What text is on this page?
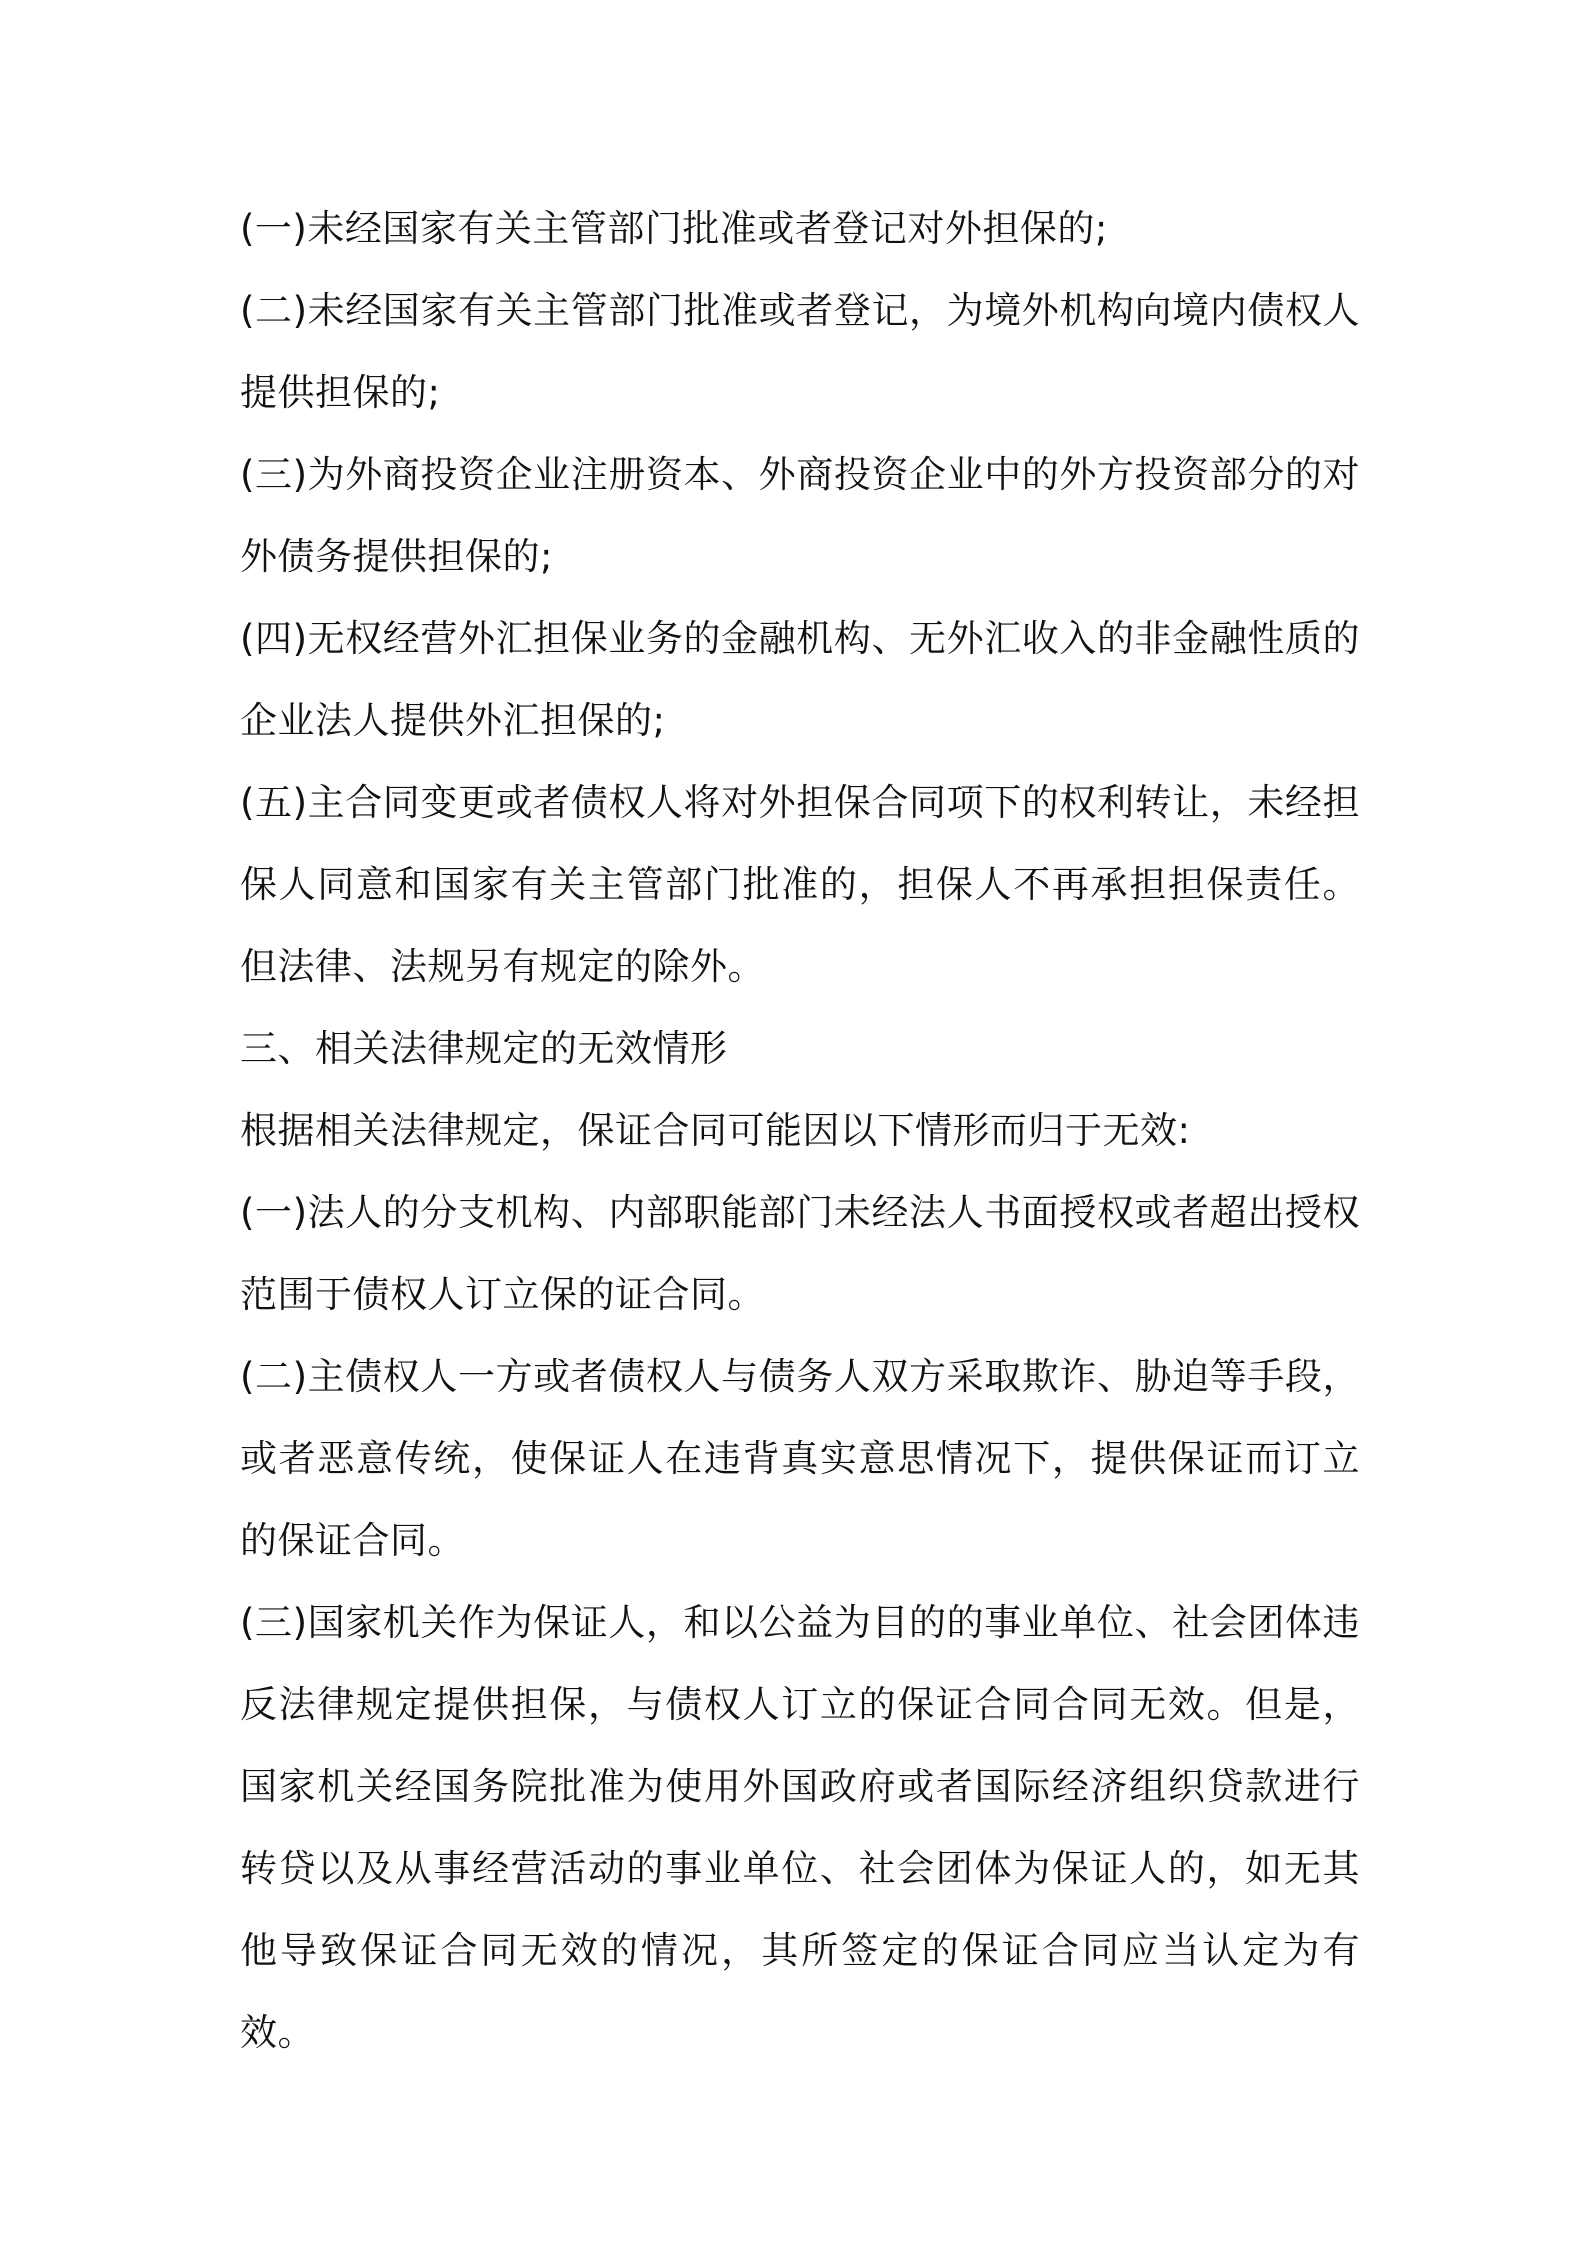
(一)未经国家有关主管部门批准或者登记对外担保的;

(二)未经国家有关主管部门批准或者登记，为境外机构向境内债权人提供担保的;

(三)为外商投资企业注册资本、外商投资企业中的外方投资部分的对外债务提供担保的;

(四)无权经营外汇担保业务的金融机构、无外汇收入的非金融性质的企业法人提供外汇担保的;

(五)主合同变更或者债权人将对外担保合同项下的权利转让，未经担保人同意和国家有关主管部门批准的，担保人不再承担担保责任。但法律、法规另有规定的除外。

三、相关法律规定的无效情形

根据相关法律规定，保证合同可能因以下情形而归于无效:

(一)法人的分支机构、内部职能部门未经法人书面授权或者超出授权范围于债权人订立保的证合同。

(二)主债权人一方或者债权人与债务人双方采取欺诈、胁迫等手段，或者恶意传统，使保证人在违背真实意思情况下，提供保证而订立的保证合同。

(三)国家机关作为保证人，和以公益为目的的事业单位、社会团体违反法律规定提供担保，与债权人订立的保证合同合同无效。但是，国家机关经国务院批准为使用外国政府或者国际经济组织贷款进行转贷以及从事经营活动的事业单位、社会团体为保证人的，如无其他导致保证合同无效的情况，其所签定的保证合同应当认定为有效。
